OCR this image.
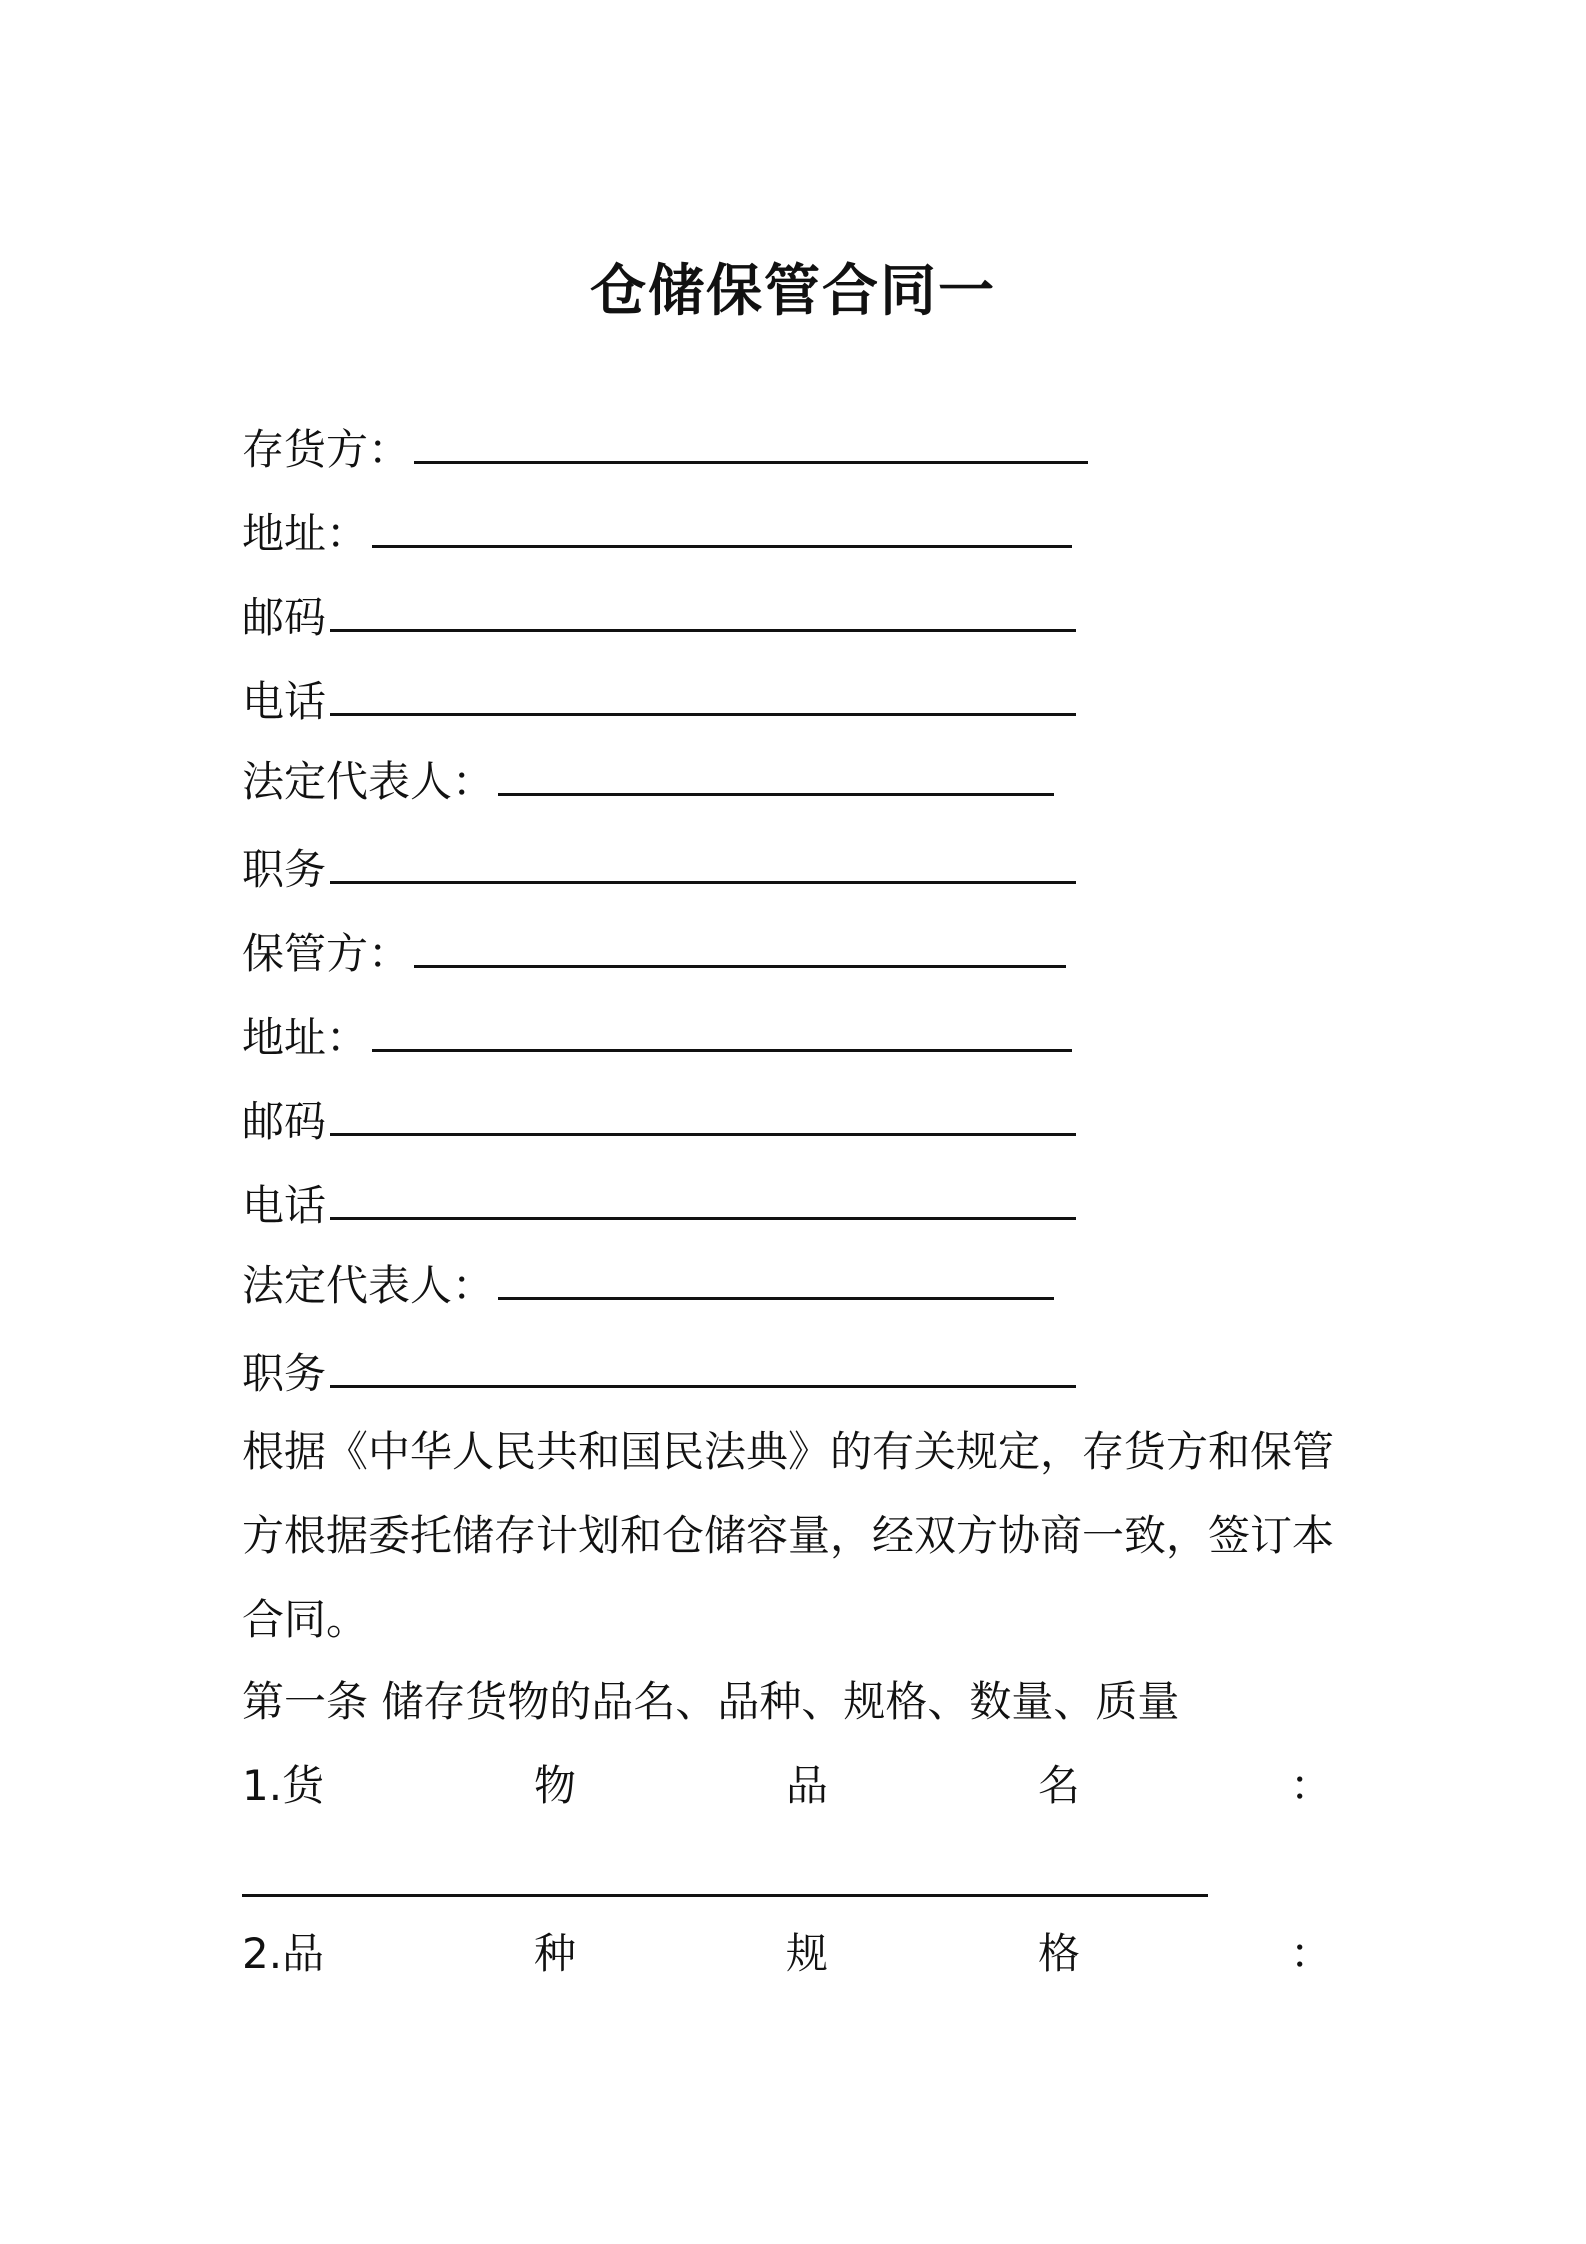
仓储保管合同一
存货方：
地址：
邮码
电话
法定代表人：
职务
保管方：
地址：
邮码
电话
法定代表人：
职务
根据《中华人民共和国民法典》的有关规定，存货方和保管方根据委托储存计划和仓储容量，经双方协商一致，签订本合同。
第一条 储存货物的品名、品种、规格、数量、质量
1.货	物	品	名	：
2.品	种	规	格	：
